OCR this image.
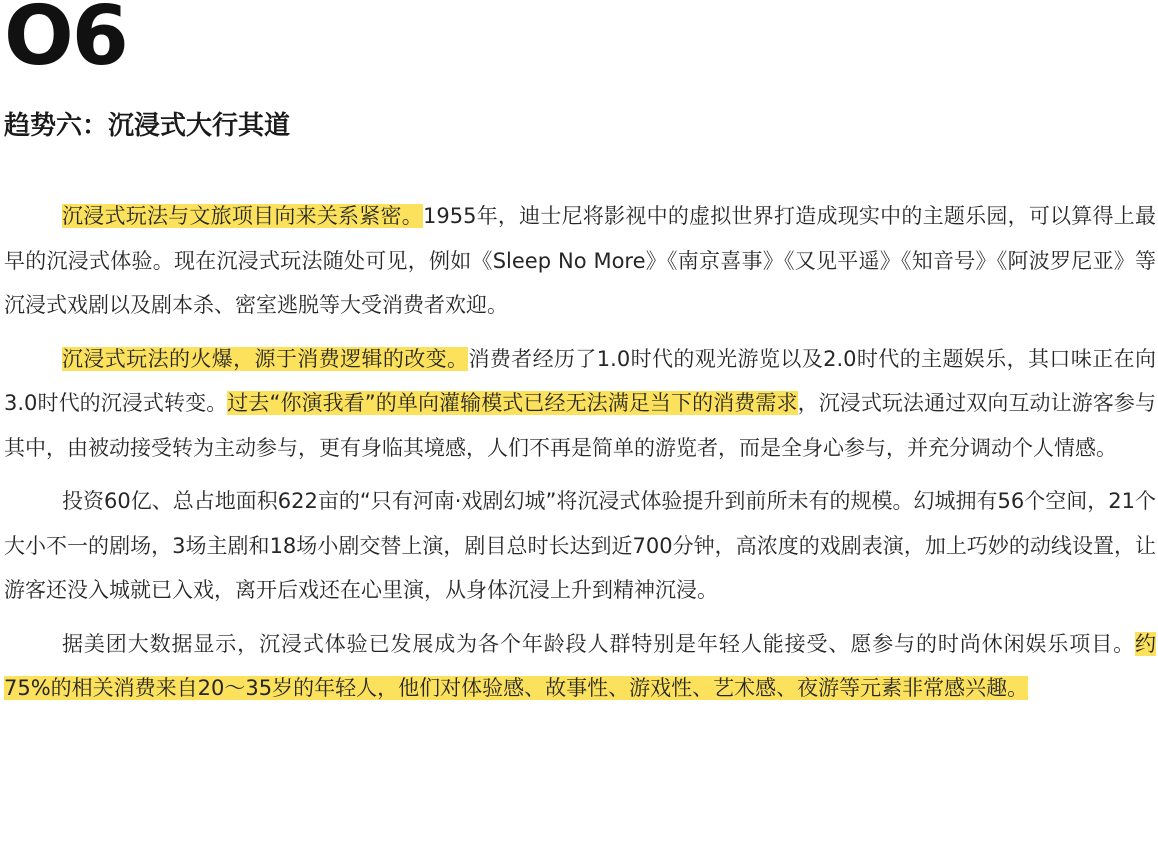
O6
趋势六：沉浸式大行其道

沉浸式玩法与文旅项目向来关系紧密。1955年，迪士尼将影视中的虚拟世界打造成现实中的主题乐园，可以算得上最早的沉浸式体验。现在沉浸式玩法随处可见，例如《Sleep No More》《南京喜事》《又见平遥》《知音号》《阿波罗尼亚》等沉浸式戏剧以及剧本杀、密室逃脱等大受消费者欢迎。

沉浸式玩法的火爆，源于消费逻辑的改变。消费者经历了1.0时代的观光游览以及2.0时代的主题娱乐，其口味正在向3.0时代的沉浸式转变。过去“你演我看”的单向灌输模式已经无法满足当下的消费需求，沉浸式玩法通过双向互动让游客参与其中，由被动接受转为主动参与，更有身临其境感，人们不再是简单的游览者，而是全身心参与，并充分调动个人情感。

投资60亿、总占地面积622亩的“只有河南·戏剧幻城”将沉浸式体验提升到前所未有的规模。幻城拥有56个空间，21个大小不一的剧场，3场主剧和18场小剧交替上演，剧目总时长达到近700分钟，高浓度的戏剧表演，加上巧妙的动线设置，让游客还没入城就已入戏，离开后戏还在心里演，从身体沉浸上升到精神沉浸。

据美团大数据显示，沉浸式体验已发展成为各个年龄段人群特别是年轻人能接受、愿参与的时尚休闲娱乐项目。约75%的相关消费来自20～35岁的年轻人，他们对体验感、故事性、游戏性、艺术感、夜游等元素非常感兴趣。
